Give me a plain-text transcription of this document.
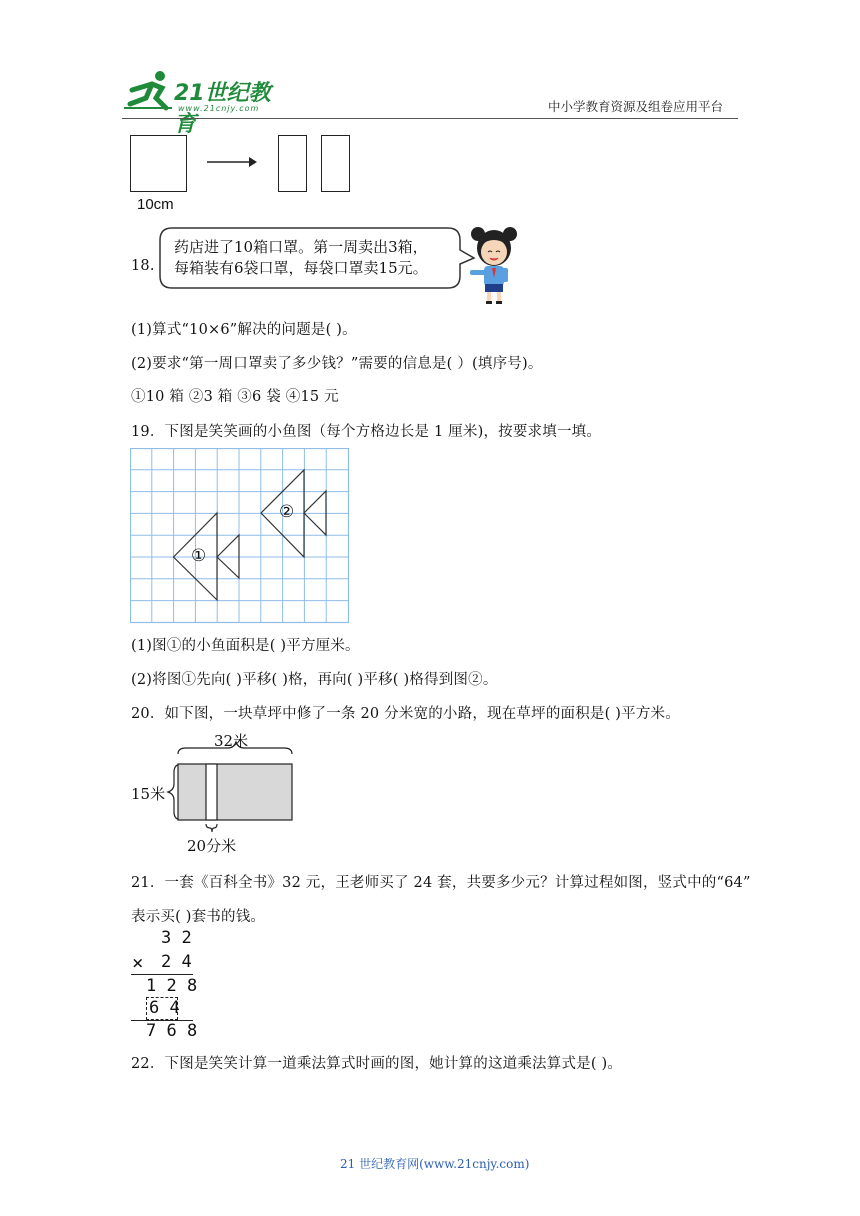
21世纪教育
www.21cnjy.com	中小学教育资源及组卷应用平台
10cm
18.
药店进了10箱口罩。第一周卖出3箱，
每箱装有6袋口罩，每袋口罩卖15元。
(1)算式“10×6”解决的问题是( )。
(2)要求“第一周口罩卖了多少钱？”需要的信息是( ）(填序号)。
①10 箱 ②3 箱 ③6 袋 ④15 元
19．下图是笑笑画的小鱼图（每个方格边长是 1 厘米)，按要求填一填。
①
②
(1)图①的小鱼面积是( )平方厘米。
(2)将图①先向( )平移( )格，再向( )平移( )格得到图②。
20．如下图，一块草坪中修了一条 20 分米宽的小路，现在草坪的面积是( )平方米。
32米
15米
20分米
21．一套《百科全书》32 元，王老师买了 24 套，共要多少元？计算过程如图，竖式中的“64”
表示买( )套书的钱。
3 2
× 2 4
1 2 8
6 4
7 6 8
22．下图是笑笑计算一道乘法算式时画的图，她计算的这道乘法算式是( )。
21 世纪教育网(www.21cnjy.com)
